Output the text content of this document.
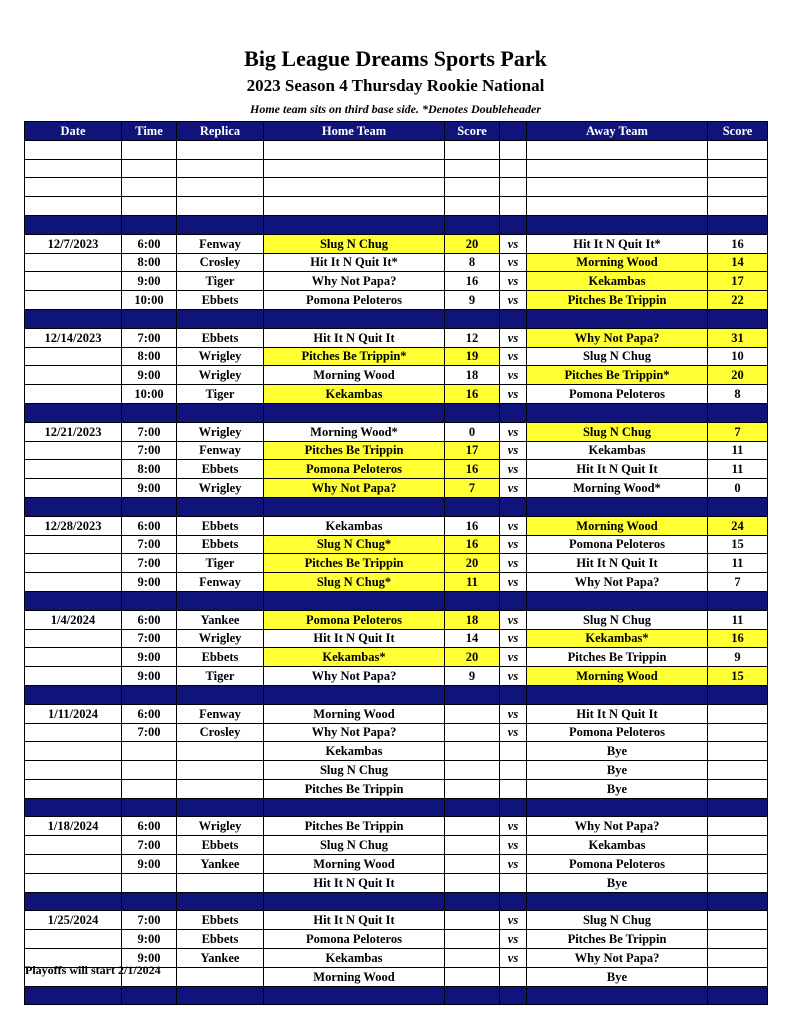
Big League Dreams Sports Park
2023 Season 4 Thursday Rookie National
Home team sits on third base side. *Denotes Doubleheader
Date	Time	Replica	Home Team	Score		Away Team	Score

12/7/2023	6:00	Fenway	Slug N Chug	20	vs	Hit It N Quit It*	16
	8:00	Crosley	Hit It N Quit It*	8	vs	Morning Wood	14
	9:00	Tiger	Why Not Papa?	16	vs	Kekambas	17
	10:00	Ebbets	Pomona Peloteros	9	vs	Pitches Be Trippin	22

12/14/2023	7:00	Ebbets	Hit It N Quit It	12	vs	Why Not Papa?	31
	8:00	Wrigley	Pitches Be Trippin*	19	vs	Slug N Chug	10
	9:00	Wrigley	Morning Wood	18	vs	Pitches Be Trippin*	20
	10:00	Tiger	Kekambas	16	vs	Pomona Peloteros	8

12/21/2023	7:00	Wrigley	Morning Wood*	0	vs	Slug N Chug	7
	7:00	Fenway	Pitches Be Trippin	17	vs	Kekambas	11
	8:00	Ebbets	Pomona Peloteros	16	vs	Hit It N Quit It	11
	9:00	Wrigley	Why Not Papa?	7	vs	Morning Wood*	0

12/28/2023	6:00	Ebbets	Kekambas	16	vs	Morning Wood	24
	7:00	Ebbets	Slug N Chug*	16	vs	Pomona Peloteros	15
	7:00	Tiger	Pitches Be Trippin	20	vs	Hit It N Quit It	11
	9:00	Fenway	Slug N Chug*	11	vs	Why Not Papa?	7

1/4/2024	6:00	Yankee	Pomona Peloteros	18	vs	Slug N Chug	11
	7:00	Wrigley	Hit It N Quit It	14	vs	Kekambas*	16
	9:00	Ebbets	Kekambas*	20	vs	Pitches Be Trippin	9
	9:00	Tiger	Why Not Papa?	9	vs	Morning Wood	15

1/11/2024	6:00	Fenway	Morning Wood		vs	Hit It N Quit It	
	7:00	Crosley	Why Not Papa?		vs	Pomona Peloteros	
			Kekambas			Bye	
			Slug N Chug			Bye	
			Pitches Be Trippin			Bye	

1/18/2024	6:00	Wrigley	Pitches Be Trippin		vs	Why Not Papa?	
	7:00	Ebbets	Slug N Chug		vs	Kekambas	
	9:00	Yankee	Morning Wood		vs	Pomona Peloteros	
			Hit It N Quit It			Bye	

1/25/2024	7:00	Ebbets	Hit It N Quit It		vs	Slug N Chug	
	9:00	Ebbets	Pomona Peloteros		vs	Pitches Be Trippin	
	9:00	Yankee	Kekambas		vs	Why Not Papa?	
			Morning Wood			Bye	

Playoffs will start 2/1/2024
